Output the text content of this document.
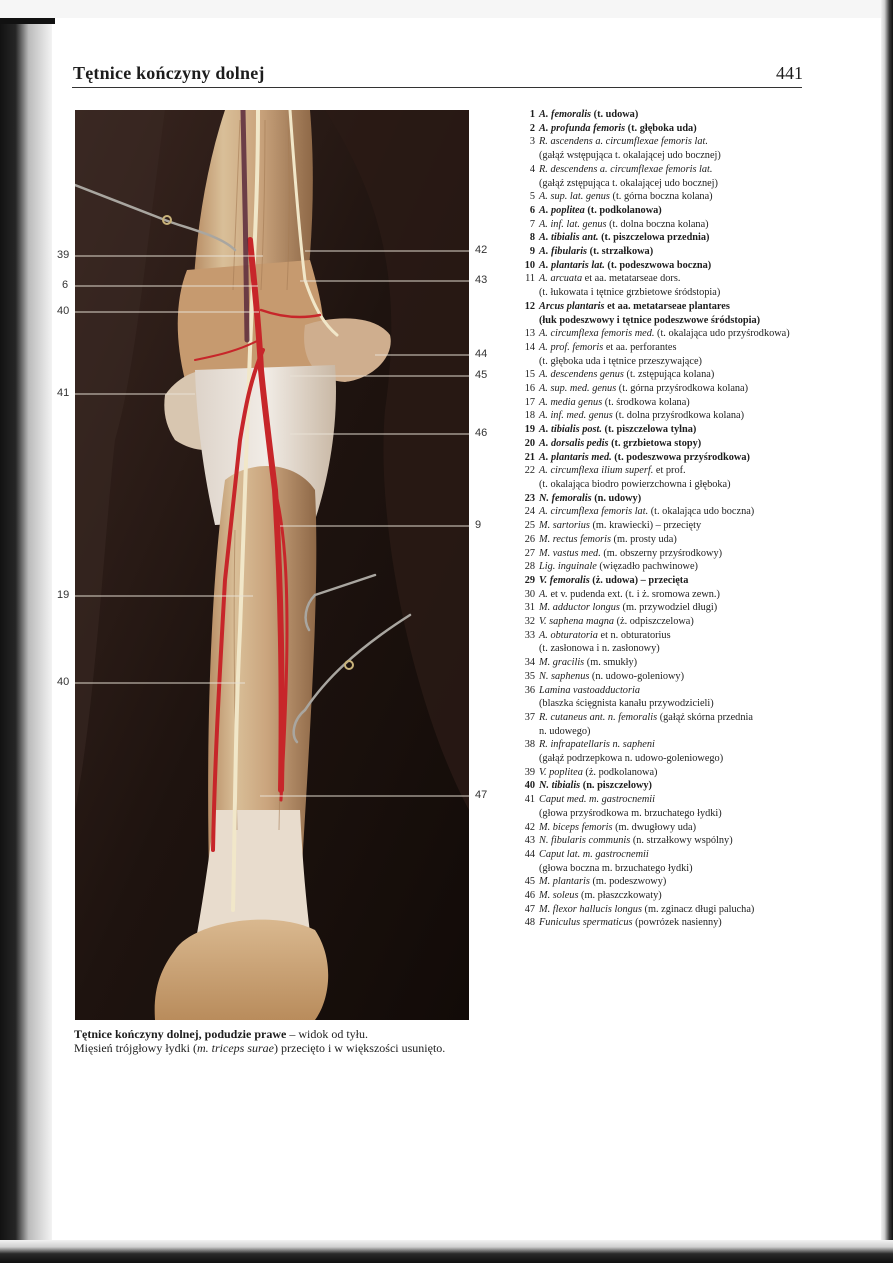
Tętnice kończyny dolnej	441
39
6
40
41
19
40
42
43
44
45
46
9
47
Tętnice kończyny dolnej, podudzie prawe – widok od tyłu.
Mięsień trójgłowy łydki (m. triceps surae) przecięto i w większości usunięto.
1 A. femoralis (t. udowa)
2 A. profunda femoris (t. głęboka uda)
3 R. ascendens a. circumflexae femoris lat.
(gałąź wstępująca t. okalającej udo bocznej)
4 R. descendens a. circumflexae femoris lat.
(gałąź zstępująca t. okalającej udo bocznej)
5 A. sup. lat. genus (t. górna boczna kolana)
6 A. poplitea (t. podkolanowa)
7 A. inf. lat. genus (t. dolna boczna kolana)
8 A. tibialis ant. (t. piszczelowa przednia)
9 A. fibularis (t. strzałkowa)
10 A. plantaris lat. (t. podeszwowa boczna)
11 A. arcuata et aa. metatarseae dors.
(t. łukowata i tętnice grzbietowe śródstopia)
12 Arcus plantaris et aa. metatarseae plantares
(łuk podeszwowy i tętnice podeszwowe śródstopia)
13 A. circumflexa femoris med. (t. okalająca udo przyśrodkowa)
14 A. prof. femoris et aa. perforantes
(t. głęboka uda i tętnice przeszywające)
15 A. descendens genus (t. zstępująca kolana)
16 A. sup. med. genus (t. górna przyśrodkowa kolana)
17 A. media genus (t. środkowa kolana)
18 A. inf. med. genus (t. dolna przyśrodkowa kolana)
19 A. tibialis post. (t. piszczelowa tylna)
20 A. dorsalis pedis (t. grzbietowa stopy)
21 A. plantaris med. (t. podeszwowa przyśrodkowa)
22 A. circumflexa ilium superf. et prof.
(t. okalająca biodro powierzchowna i głęboka)
23 N. femoralis (n. udowy)
24 A. circumflexa femoris lat. (t. okalająca udo boczna)
25 M. sartorius (m. krawiecki) – przecięty
26 M. rectus femoris (m. prosty uda)
27 M. vastus med. (m. obszerny przyśrodkowy)
28 Lig. inguinale (więzadło pachwinowe)
29 V. femoralis (ż. udowa) – przecięta
30 A. et v. pudenda ext. (t. i ż. sromowa zewn.)
31 M. adductor longus (m. przywodziel długi)
32 V. saphena magna (ż. odpiszczelowa)
33 A. obturatoria et n. obturatorius
(t. zasłonowa i n. zasłonowy)
34 M. gracilis (m. smukły)
35 N. saphenus (n. udowo-goleniowy)
36 Lamina vastoadductoria
(blaszka ścięgnista kanału przywodzicieli)
37 R. cutaneus ant. n. femoralis (gałąź skórna przednia
n. udowego)
38 R. infrapatellaris n. sapheni
(gałąź podrzepkowa n. udowo-goleniowego)
39 V. poplitea (ż. podkolanowa)
40 N. tibialis (n. piszczelowy)
41 Caput med. m. gastrocnemii
(głowa przyśrodkowa m. brzuchatego łydki)
42 M. biceps femoris (m. dwugłowy uda)
43 N. fibularis communis (n. strzałkowy wspólny)
44 Caput lat. m. gastrocnemii
(głowa boczna m. brzuchatego łydki)
45 M. plantaris (m. podeszwowy)
46 M. soleus (m. płaszczkowaty)
47 M. flexor hallucis longus (m. zginacz długi palucha)
48 Funiculus spermaticus (powrózek nasienny)
